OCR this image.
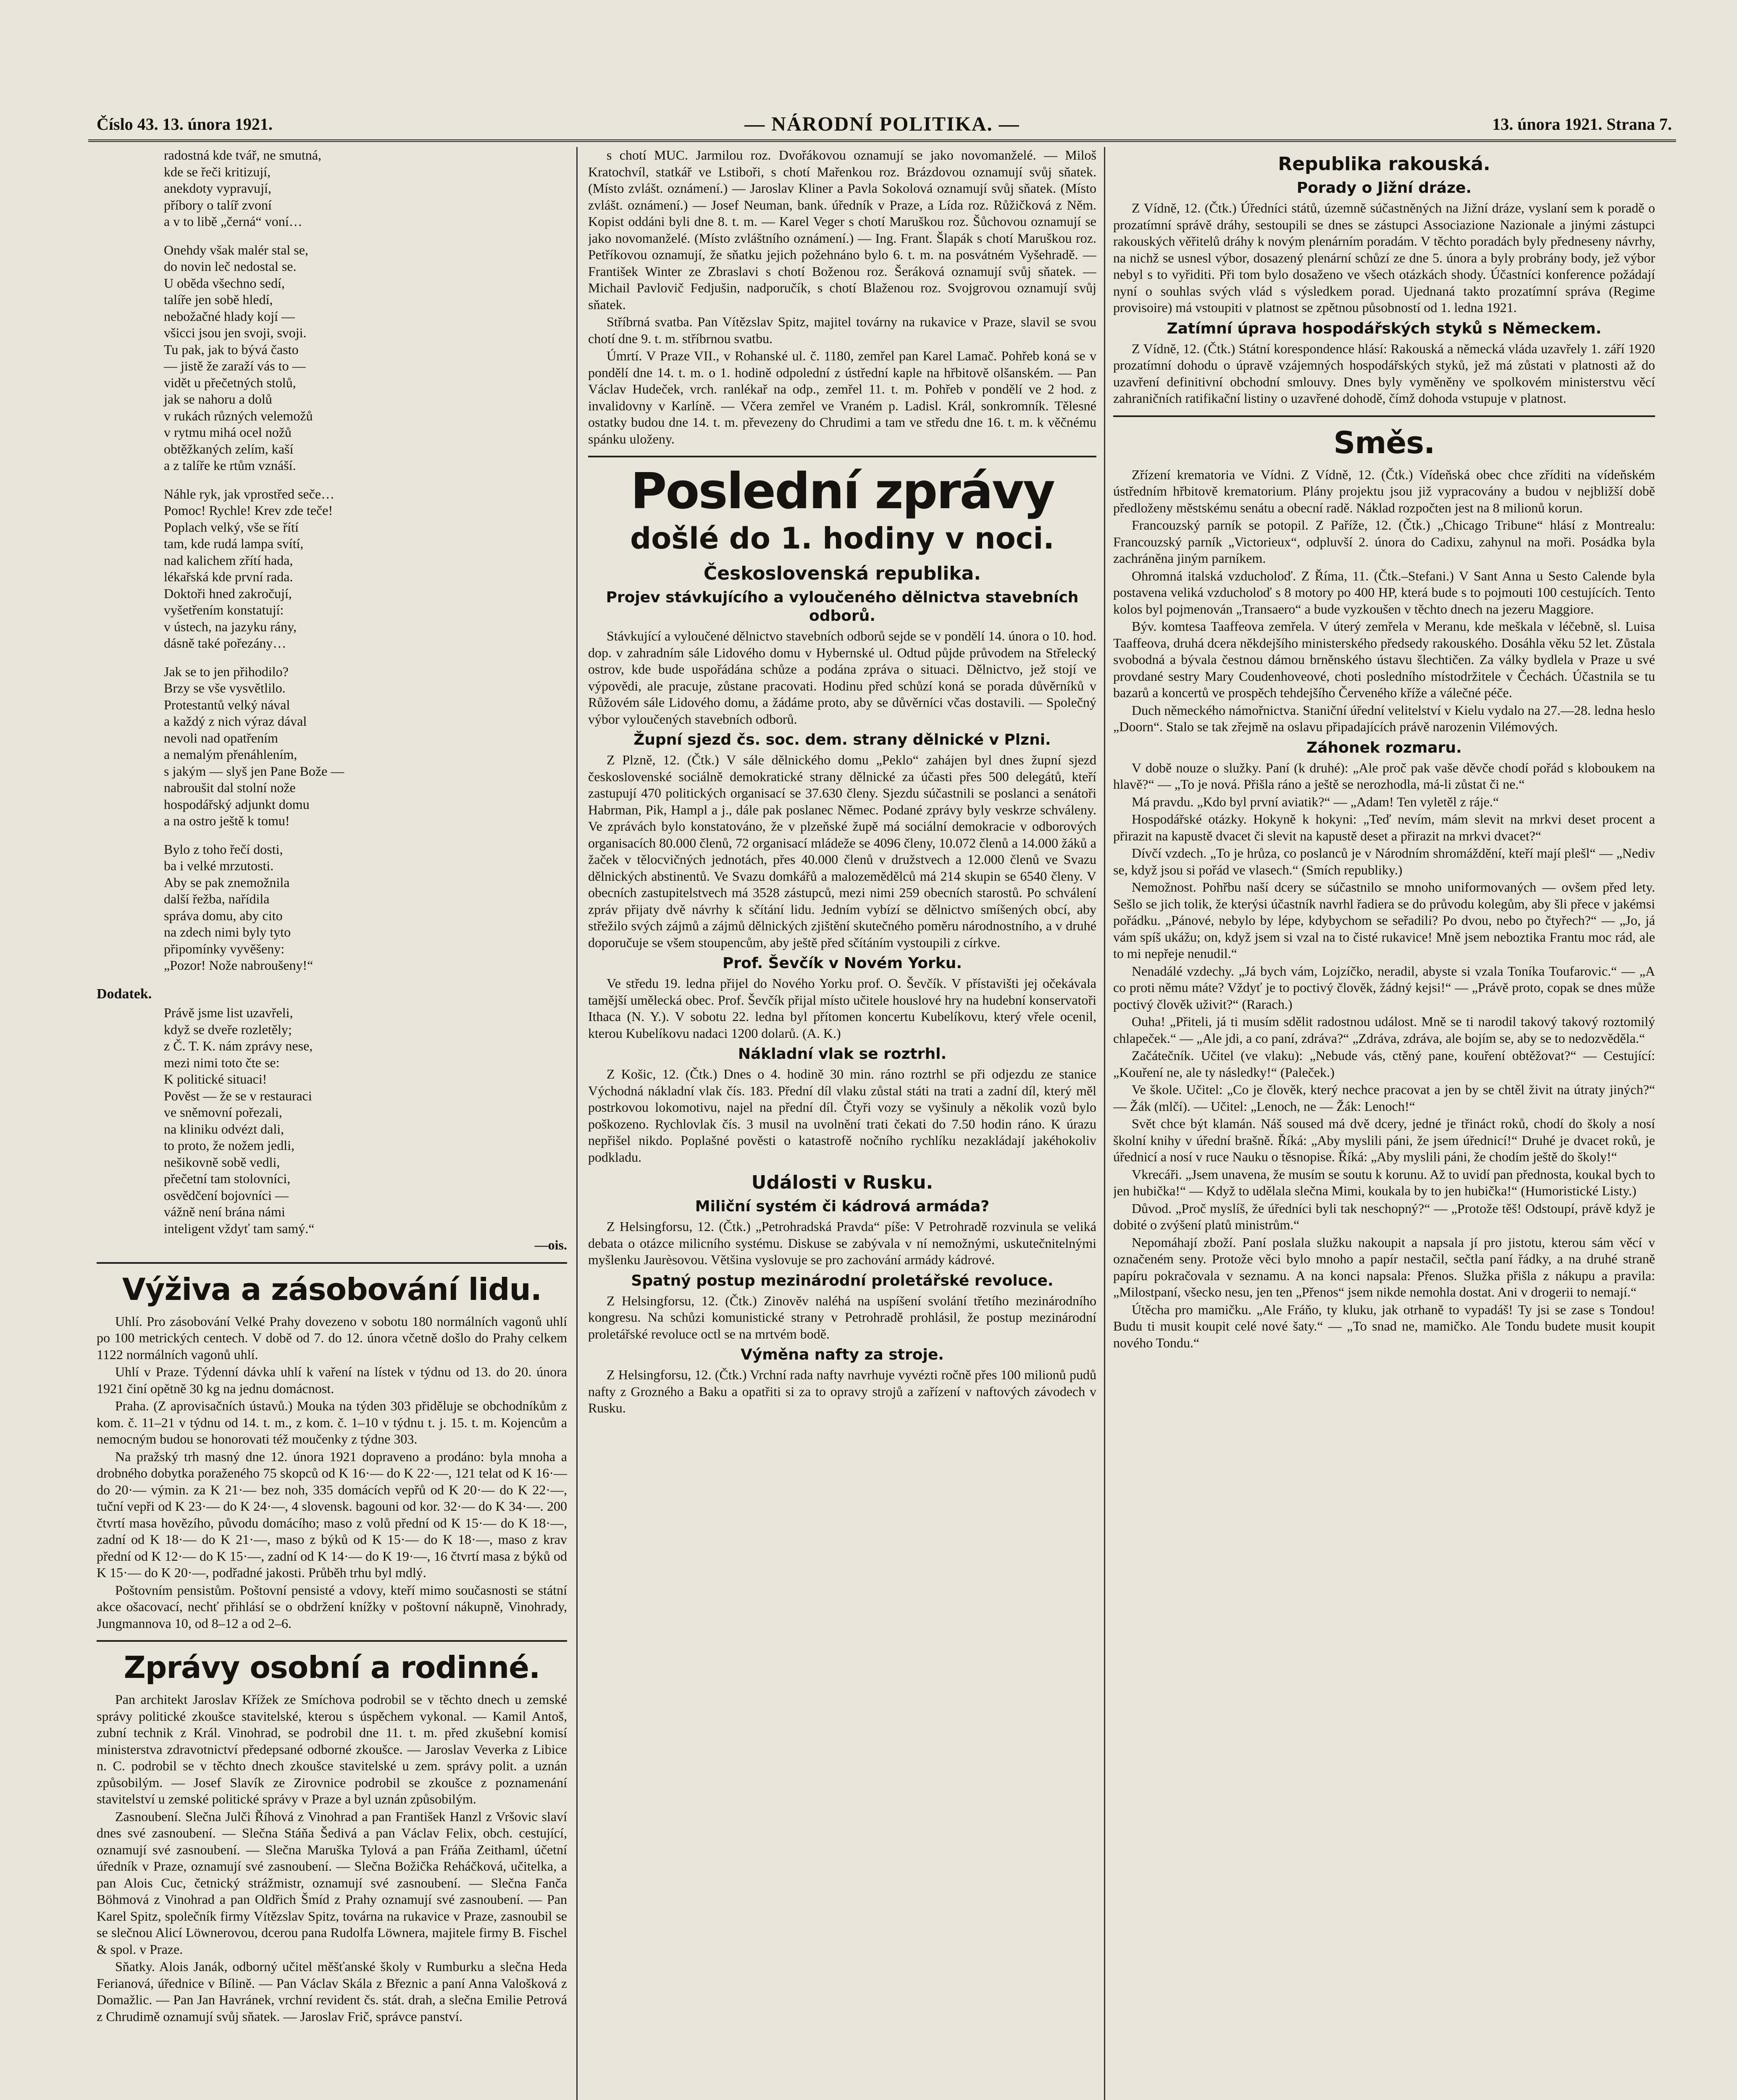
Číslo 43. 13. února 1921.	— NÁRODNÍ POLITIKA. —	13. února 1921. Strana 7.

radostná kde tvář, ne smutná,

kde se řeči kritizují,

anekdoty vypravují,

příbory o talíř zvoní

a v to libě „černá“ voní…

Onehdy však malér stal se,

do novin leč nedostal se.

U oběda všechno sedí,

talíře jen sobě hledí,

nebožačné hlady kojí —

všicci jsou jen svoji, svoji.

Tu pak, jak to bývá často

— jistě že zaraží vás to —

vidět u přečetných stolů,

jak se nahoru a dolů

v rukách různých velemožů

v rytmu mihá ocel nožů

obtěžkaných zelím, kaší

a z talíře ke rtům vznáší.

Náhle ryk, jak vprostřed seče…

Pomoc! Rychle! Krev zde teče!

Poplach velký, vše se řítí

tam, kde rudá lampa svítí,

nad kalichem zřítí hada,

lékařská kde první rada.

Doktoři hned zakročují,

vyšetřením konstatují:

v ústech, na jazyku rány,

dásně také pořezány…

Jak se to jen přihodilo?

Brzy se vše vysvětlilo.

Protestantů velký nával

a každý z nich výraz dával

nevoli nad opatřením

a nemalým přenáhlením,

s jakým — slyš jen Pane Bože —

nabroušit dal stolní nože

hospodářský adjunkt domu

a na ostro ještě k tomu!

Bylo z toho řečí dosti,

ba i velké mrzutosti.

Aby se pak znemožnila

další řežba, nařídila

správa domu, aby cito

na zdech nimi byly tyto

připomínky vyvěšeny:

„Pozor! Nože nabroušeny!“

Dodatek.

Právě jsme list uzavřeli,

když se dveře rozletěly;

z Č. T. K. nám zprávy nese,

mezi nimi toto čte se:

K politické situaci!

Pověst — že se v restauraci

ve sněmovní pořezali,

na kliniku odvézt dali,

to proto, že nožem jedli,

nešikovně sobě vedli,

přečetní tam stolovníci,

osvědčení bojovníci —

vážně není brána námi

inteligent vždyť tam samý.“

—ois.
Výživa a zásobování lidu.

Uhlí. Pro zásobování Velké Prahy dovezeno v sobotu 180 normálních vagonů uhlí po 100 metrických centech. V době od 7. do 12. února včetně došlo do Prahy celkem 1122 normálních vagonů uhlí.

Uhlí v Praze. Týdenní dávka uhlí k vaření na lístek v týdnu od 13. do 20. února 1921 činí opětně 30 kg na jednu domácnost.

Praha. (Z aprovisačních ústavů.) Mouka na týden 303 přiděluje se obchodníkům z kom. č. 11–21 v týdnu od 14. t. m., z kom. č. 1–10 v týdnu t. j. 15. t. m. Kojencům a nemocným budou se honorovati též moučenky z týdne 303.

Na pražský trh masný dne 12. února 1921 dopraveno a prodáno: byla mnoha a drobného dobytka poraženého 75 skopců od K 16·— do K 22·—, 121 telat od K 16·— do 20·— výmin. za K 21·— bez noh, 335 domácích vepřů od K 20·— do K 22·—, tuční vepři od K 23·— do K 24·—, 4 slovensk. bagouni od kor. 32·— do K 34·—. 200 čtvrtí masa hovězího, původu domácího; maso z volů přední od K 15·— do K 18·—, zadní od K 18·— do K 21·—, maso z býků od K 15·— do K 18·—, maso z krav přední od K 12·— do K 15·—, zadní od K 14·— do K 19·—, 16 čtvrtí masa z býků od K 15·— do K 20·—, podřadné jakosti. Průběh trhu byl mdlý.

Poštovním pensistům. Poštovní pensisté a vdovy, kteří mimo současnosti se státní akce ošacovací, nechť přihlásí se o obdržení knížky v poštovní nákupně, Vinohrady, Jungmannova 10, od 8–12 a od 2–6.

Zprávy osobní a rodinné.

Pan architekt Jaroslav Křížek ze Smíchova podrobil se v těchto dnech u zemské správy politické zkoušce stavitelské, kterou s úspěchem vykonal. — Kamil Antoš, zubní technik z Král. Vinohrad, se podrobil dne 11. t. m. před zkušební komisí ministerstva zdravotnictví předepsané odborné zkoušce. — Jaroslav Veverka z Libice n. C. podrobil se v těchto dnech zkoušce stavitelské u zem. správy polit. a uznán způsobilým. — Josef Slavík ze Zirovnice podrobil se zkoušce z poznamenání stavitelství u zemské politické správy v Praze a byl uznán způsobilým.

Zasnoubení. Slečna Julči Říhová z Vinohrad a pan František Hanzl z Vršovic slaví dnes své zasnoubení. — Slečna Stáňa Šedivá a pan Václav Felix, obch. cestující, oznamují své zasnoubení. — Slečna Maruška Tylová a pan Fráňa Zeithaml, účetní úředník v Praze, oznamují své zasnoubení. — Slečna Božička Reháčková, učitelka, a pan Alois Cuc, četnický strážmistr, oznamují své zasnoubení. — Slečna Fanča Böhmová z Vinohrad a pan Oldřich Šmíd z Prahy oznamují své zasnoubení. — Pan Karel Spitz, společník firmy Vítězslav Spitz, továrna na rukavice v Praze, zasnoubil se se slečnou Alicí Löwnerovou, dcerou pana Rudolfa Löwnera, majitele firmy B. Fischel & spol. v Praze.

Sňatky. Alois Janák, odborný učitel měšťanské školy v Rumburku a slečna Heda Ferianová, úřednice v Bílině. — Pan Václav Skála z Březnic a paní Anna Valošková z Domažlic. — Pan Jan Havránek, vrchní revident čs. stát. drah, a slečna Emilie Petrová z Chrudimě oznamují svůj sňatek. — Jaroslav Frič, správce panství.

s chotí MUC. Jarmilou roz. Dvořákovou oznamují se jako novomanželé. — Miloš Kratochvíl, statkář ve Lstiboři, s chotí Mařenkou roz. Brázdovou oznamují svůj sňatek. (Místo zvlášt. oznámení.) — Jaroslav Kliner a Pavla Sokolová oznamují svůj sňatek. (Místo zvlášt. oznámení.) — Josef Neuman, bank. úředník v Praze, a Lída roz. Růžičková z Něm. Kopist oddáni byli dne 8. t. m. — Karel Veger s chotí Maruškou roz. Šůchovou oznamují se jako novomanželé. (Místo zvláštního oznámení.) — Ing. Frant. Šlapák s chotí Maruškou roz. Petříkovou oznamují, že sňatku jejich požehnáno bylo 6. t. m. na posvátném Vyšehradě. — František Winter ze Zbraslavi s chotí Boženou roz. Šeráková oznamují svůj sňatek. — Michail Pavlovič Fedjušin, nadporučík, s chotí Blaženou roz. Svojgrovou oznamují svůj sňatek.

Stříbrná svatba. Pan Vítězslav Spitz, majitel továrny na rukavice v Praze, slavil se svou chotí dne 9. t. m. stříbrnou svatbu.

Úmrtí. V Praze VII., v Rohanské ul. č. 1180, zemřel pan Karel Lamač. Pohřeb koná se v pondělí dne 14. t. m. o 1. hodině odpolední z ústřední kaple na hřbitově olšanském. — Pan Václav Hudeček, vrch. ranlékař na odp., zemřel 11. t. m. Pohřeb v pondělí ve 2 hod. z invalidovny v Karlíně. — Včera zemřel ve Vraném p. Ladisl. Král, sonkromník. Tělesné ostatky budou dne 14. t. m. převezeny do Chrudimi a tam ve středu dne 16. t. m. k věčnému spánku uloženy.

Poslední zprávy
došlé do 1. hodiny v noci.
Československá republika.
Projev stávkujícího a vyloučeného dělnictva stavebních odborů.

Stávkující a vyloučené dělnictvo stavebních odborů sejde se v pondělí 14. února o 10. hod. dop. v zahradním sále Lidového domu v Hybernské ul. Odtud půjde průvodem na Střelecký ostrov, kde bude uspořádána schůze a podána zpráva o situaci. Dělnictvo, jež stojí ve výpovědi, ale pracuje, zůstane pracovati. Hodinu před schůzí koná se porada důvěrníků v Růžovém sále Lidového domu, a žádáme proto, aby se důvěrníci včas dostavili. — Společný výbor vyloučených stavebních odborů.

Župní sjezd čs. soc. dem. strany dělnické v Plzni.

Z Plzně, 12. (Čtk.) V sále dělnického domu „Peklo“ zahájen byl dnes župní sjezd československé sociálně demokratické strany dělnické za účasti přes 500 delegátů, kteří zastupují 470 politických organisací se 37.630 členy. Sjezdu súčastnili se poslanci a senátoři Habrman, Pik, Hampl a j., dále pak poslanec Němec. Podané zprávy byly veskrze schváleny. Ve zprávách bylo konstatováno, že v plzeňské župě má sociální demokracie v odborových organisacích 80.000 členů, 72 organisací mládeže se 4096 členy, 10.072 členů a 14.000 žáků a žaček v tělocvičných jednotách, přes 40.000 členů v družstvech a 12.000 členů ve Svazu dělnických abstinentů. Ve Svazu domkářů a malozemědělců má 214 skupin se 6540 členy. V obecních zastupitelstvech má 3528 zástupců, mezi nimi 259 obecních starostů. Po schválení zpráv přijaty dvě návrhy k sčítání lidu. Jedním vybízí se dělnictvo smíšených obcí, aby střežilo svých zájmů a zájmů dělnických zjištění skutečného poměru národnostního, a v druhé doporučuje se všem stoupencům, aby ještě před sčítáním vystoupili z církve.

Prof. Ševčík v Novém Yorku.

Ve středu 19. ledna přijel do Nového Yorku prof. O. Ševčík. V přístavišti jej očekávala tamější umělecká obec. Prof. Ševčík přijal místo učitele houslové hry na hudební konservatoři Ithaca (N. Y.). V sobotu 22. ledna byl přítomen koncertu Kubelíkovu, který vřele ocenil, kterou Kubelíkovu nadaci 1200 dolarů. (A. K.)

Nákladní vlak se roztrhl.

Z Košic, 12. (Čtk.) Dnes o 4. hodině 30 min. ráno roztrhl se při odjezdu ze stanice Východná nákladní vlak čís. 183. Přední díl vlaku zůstal státi na trati a zadní díl, který měl postrkovou lokomotivu, najel na přední díl. Čtyři vozy se vyšinuly a několik vozů bylo poškozeno. Rychlovlak čís. 3 musil na uvolnění trati čekati do 7.50 hodin ráno. K úrazu nepřišel nikdo. Poplašné pověsti o katastrofě nočního rychlíku nezakládají jakéhokoliv podkladu.

Události v Rusku.
Miliční systém či kádrová armáda?

Z Helsingforsu, 12. (Čtk.) „Petrohradská Pravda“ píše: V Petrohradě rozvinula se veliká debata o otázce milicního systému. Diskuse se zabývala v ní nemožnými, uskutečnitelnými myšlenku Jaurèsovou. Většina vyslovuje se pro zachování armády kádrové.

Spatný postup mezinárodní proletářské revoluce.

Z Helsingforsu, 12. (Čtk.) Zinověv naléhá na uspíšení svolání třetího mezinárodního kongresu. Na schůzi komunistické strany v Petrohradě prohlásil, že postup mezinárodní proletářské revoluce octl se na mrtvém bodě.

Výměna nafty za stroje.

Z Helsingforsu, 12. (Čtk.) Vrchní rada nafty navrhuje vyvézti ročně přes 100 milionů pudů nafty z Grozného a Baku a opatřiti si za to opravy strojů a zařízení v naftových závodech v Rusku.

Republika rakouská.
Porady o Jižní dráze.

Z Vídně, 12. (Čtk.) Úředníci států, územně súčastněných na Jižní dráze, vyslaní sem k poradě o prozatímní správě dráhy, sestoupili se dnes se zástupci Associazione Nazionale a jinými zástupci rakouských věřitelů dráhy k novým plenárním poradám. V těchto poradách byly předneseny návrhy, na nichž se usnesl výbor, dosazený plenární schůzí ze dne 5. února a byly probrány body, jež výbor nebyl s to vyřiditi. Při tom bylo dosaženo ve všech otázkách shody. Účastníci konference požádají nyní o souhlas svých vlád s výsledkem porad. Ujednaná takto prozatímní správa (Regime provisoire) má vstoupiti v platnost se zpětnou působností od 1. ledna 1921.

Zatímní úprava hospodářských styků s Německem.

Z Vídně, 12. (Čtk.) Státní korespondence hlásí: Rakouská a německá vláda uzavřely 1. září 1920 prozatímní dohodu o úpravě vzájemných hospodářských styků, jež má zůstati v platnosti až do uzavření definitivní obchodní smlouvy. Dnes byly vyměněny ve spolkovém ministerstvu věcí zahraničních ratifikační listiny o uzavřené dohodě, čímž dohoda vstupuje v platnost.

Směs.

Zřízení krematoria ve Vídni. Z Vídně, 12. (Čtk.) Vídeňská obec chce zříditi na vídeňském ústředním hřbitově krematorium. Plány projektu jsou již vypracovány a budou v nejbližší době předloženy městskému senátu a obecní radě. Náklad rozpočten jest na 8 milionů korun.

Francouzský parník se potopil. Z Paříže, 12. (Čtk.) „Chicago Tribune“ hlásí z Montrealu: Francouzský parník „Victorieux“, odpluvší 2. února do Cadixu, zahynul na moři. Posádka byla zachráněna jiným parníkem.

Ohromná italská vzducholoď. Z Říma, 11. (Čtk.–Stefani.) V Sant Anna u Sesto Calende byla postavena veliká vzducholoď s 8 motory po 400 HP, která bude s to pojmouti 100 cestujících. Tento kolos byl pojmenován „Transaero“ a bude vyzkoušen v těchto dnech na jezeru Maggiore.

Býv. komtesa Taaffeova zemřela. V úterý zemřela v Meranu, kde meškala v léčebně, sl. Luisa Taaffeova, druhá dcera někdejšího ministerského předsedy rakouského. Dosáhla věku 52 let. Zůstala svobodná a bývala čestnou dámou brněnského ústavu šlechtičen. Za války bydlela v Praze u své provdané sestry Mary Coudenhoveové, choti posledního místodržitele v Čechách. Účastnila se tu bazarů a koncertů ve prospěch tehdejšího Červeného kříže a válečné péče.

Duch německého námořnictva. Staniční úřední velitelství v Kielu vydalo na 27.—28. ledna heslo „Doorn“. Stalo se tak zřejmě na oslavu připadajících právě narozenin Vilémových.

Záhonek rozmaru.

V době nouze o služky. Paní (k druhé): „Ale proč pak vaše děvče chodí pořád s kloboukem na hlavě?“ — „To je nová. Přišla ráno a ještě se nerozhodla, má-li zůstat či ne.“

Má pravdu. „Kdo byl první aviatik?“ — „Adam! Ten vyletěl z ráje.“

Hospodářské otázky. Hokyně k hokyni: „Teď nevím, mám slevit na mrkvi deset procent a přirazit na kapustě dvacet či slevit na kapustě deset a přirazit na mrkvi dvacet?“

Dívčí vzdech. „To je hrůza, co poslanců je v Národním shromáždění, kteří mají plešl“ — „Nediv se, když jsou si pořád ve vlasech.“ (Smích republiky.)

Nemožnost. Pohřbu naší dcery se súčastnilo se mnoho uniformovaných — ovšem před lety. Sešlo se jich tolik, že kterýsi účastník navrhl řadiera se do průvodu kolegům, aby šli přece v jakémsi pořádku. „Pánové, nebylo by lépe, kdybychom se seřadili? Po dvou, nebo po čtyřech?“ — „Jo, já vám spíš ukážu; on, když jsem si vzal na to čisté rukavice! Mně jsem neboztika Frantu moc rád, ale to mi nepřeje nenudil.“

Nenadálé vzdechy. „Já bych vám, Lojzíčko, neradil, abyste si vzala Toníka Toufarovic.“ — „A co proti němu máte? Vždyť je to poctivý člověk, žádný kejsi!“ — „Právě proto, copak se dnes může poctivý člověk uživit?“ (Rarach.)

Ouha! „Přiteli, já ti musím sdělit radostnou událost. Mně se ti narodil takový takový roztomilý chlapeček.“ — „Ale jdi, a co paní, zdráva?“ „Zdráva, zdráva, ale bojím se, aby se to nedozvěděla.“

Začátečník. Učitel (ve vlaku): „Nebude vás, ctěný pane, kouření obtěžovat?“ — Cestující: „Kouření ne, ale ty následky!“ (Paleček.)

Ve škole. Učitel: „Co je člověk, který nechce pracovat a jen by se chtěl živit na útraty jiných?“ — Žák (mlčí). — Učitel: „Lenoch, ne — Žák: Lenoch!“

Svět chce být klamán. Náš soused má dvě dcery, jedné je třináct roků, chodí do školy a nosí školní knihy v úřední brašně. Říká: „Aby myslili páni, že jsem úřednicí!“ Druhé je dvacet roků, je úřednicí a nosí v ruce Nauku o těsnopise. Říká: „Aby myslili páni, že chodím ještě do školy!“

Vkrecáři. „Jsem unavena, že musím se soutu k korunu. Až to uvidí pan přednosta, koukal bych to jen hubička!“ — Když to udělala slečna Mimi, koukala by to jen hubička!“ (Humoristické Listy.)

Důvod. „Proč myslíš, že úředníci byli tak neschopný?“ — „Protože těš! Odstoupí, právě když je dobité o zvýšení platů ministrům.“

Nepomáhají zboží. Paní poslala služku nakoupit a napsala jí pro jistotu, kterou sám věcí v označeném seny. Protože věci bylo mnoho a papír nestačil, sečtla paní řádky, a na druhé straně papíru pokračovala v seznamu. A na konci napsala: Přenos. Služka přišla z nákupu a pravila: „Milostpaní, všecko nesu, jen ten „Přenos“ jsem nikde nemohla dostat. Ani v drogerii to nemají.“

Útěcha pro mamičku. „Ale Fráňo, ty kluku, jak otrhaně to vypadáš! Ty jsi se zase s Tondou! Budu ti musit koupit celé nové šaty.“ — „To snad ne, mamičko. Ale Tondu budete musit koupit nového Tondu.“
